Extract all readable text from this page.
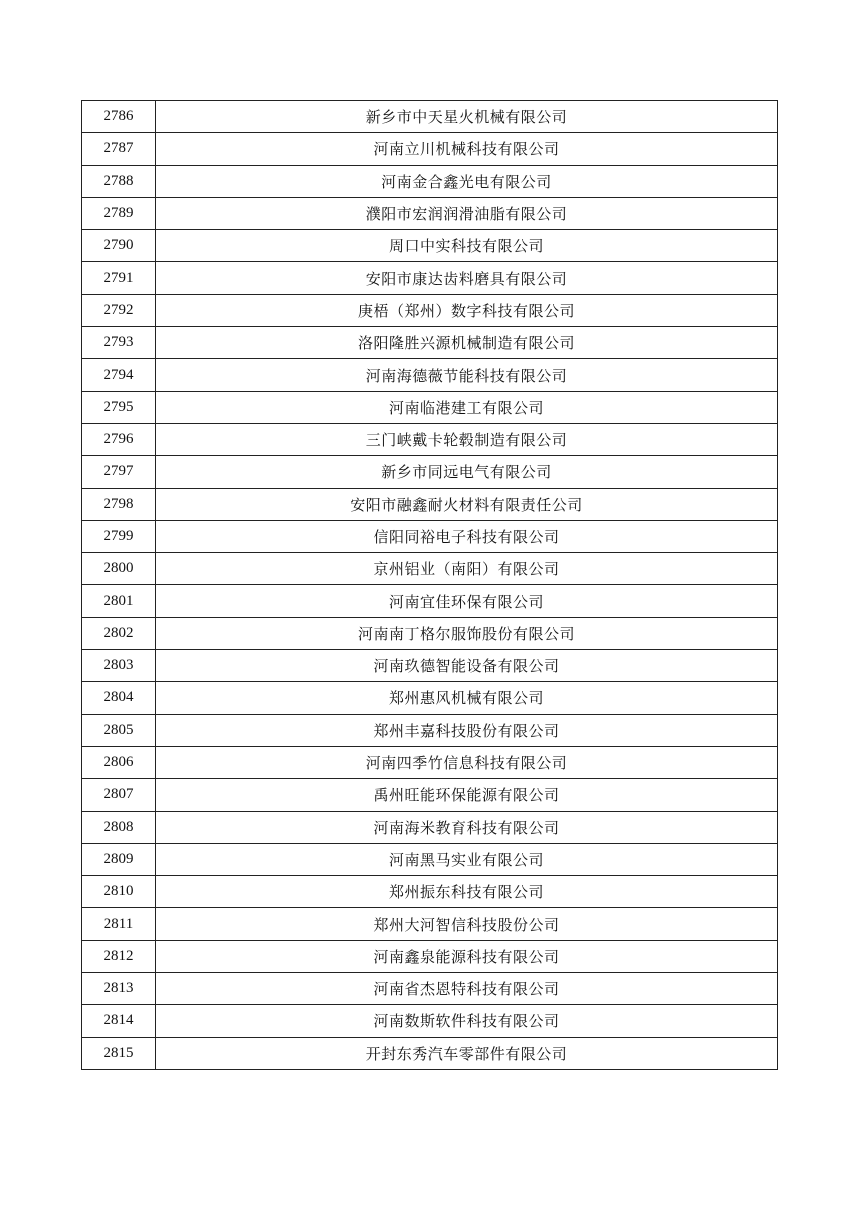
2786	新乡市中天星火机械有限公司
2787	河南立川机械科技有限公司
2788	河南金合鑫光电有限公司
2789	濮阳市宏润润滑油脂有限公司
2790	周口中实科技有限公司
2791	安阳市康达齿料磨具有限公司
2792	庚梧（郑州）数字科技有限公司
2793	洛阳隆胜兴源机械制造有限公司
2794	河南海德薇节能科技有限公司
2795	河南临港建工有限公司
2796	三门峡戴卡轮毂制造有限公司
2797	新乡市同远电气有限公司
2798	安阳市融鑫耐火材料有限责任公司
2799	信阳同裕电子科技有限公司
2800	京州铝业（南阳）有限公司
2801	河南宜佳环保有限公司
2802	河南南丁格尔服饰股份有限公司
2803	河南玖德智能设备有限公司
2804	郑州惠风机械有限公司
2805	郑州丰嘉科技股份有限公司
2806	河南四季竹信息科技有限公司
2807	禹州旺能环保能源有限公司
2808	河南海米教育科技有限公司
2809	河南黑马实业有限公司
2810	郑州振东科技有限公司
2811	郑州大河智信科技股份公司
2812	河南鑫泉能源科技有限公司
2813	河南省杰恩特科技有限公司
2814	河南数斯软件科技有限公司
2815	开封东秀汽车零部件有限公司
